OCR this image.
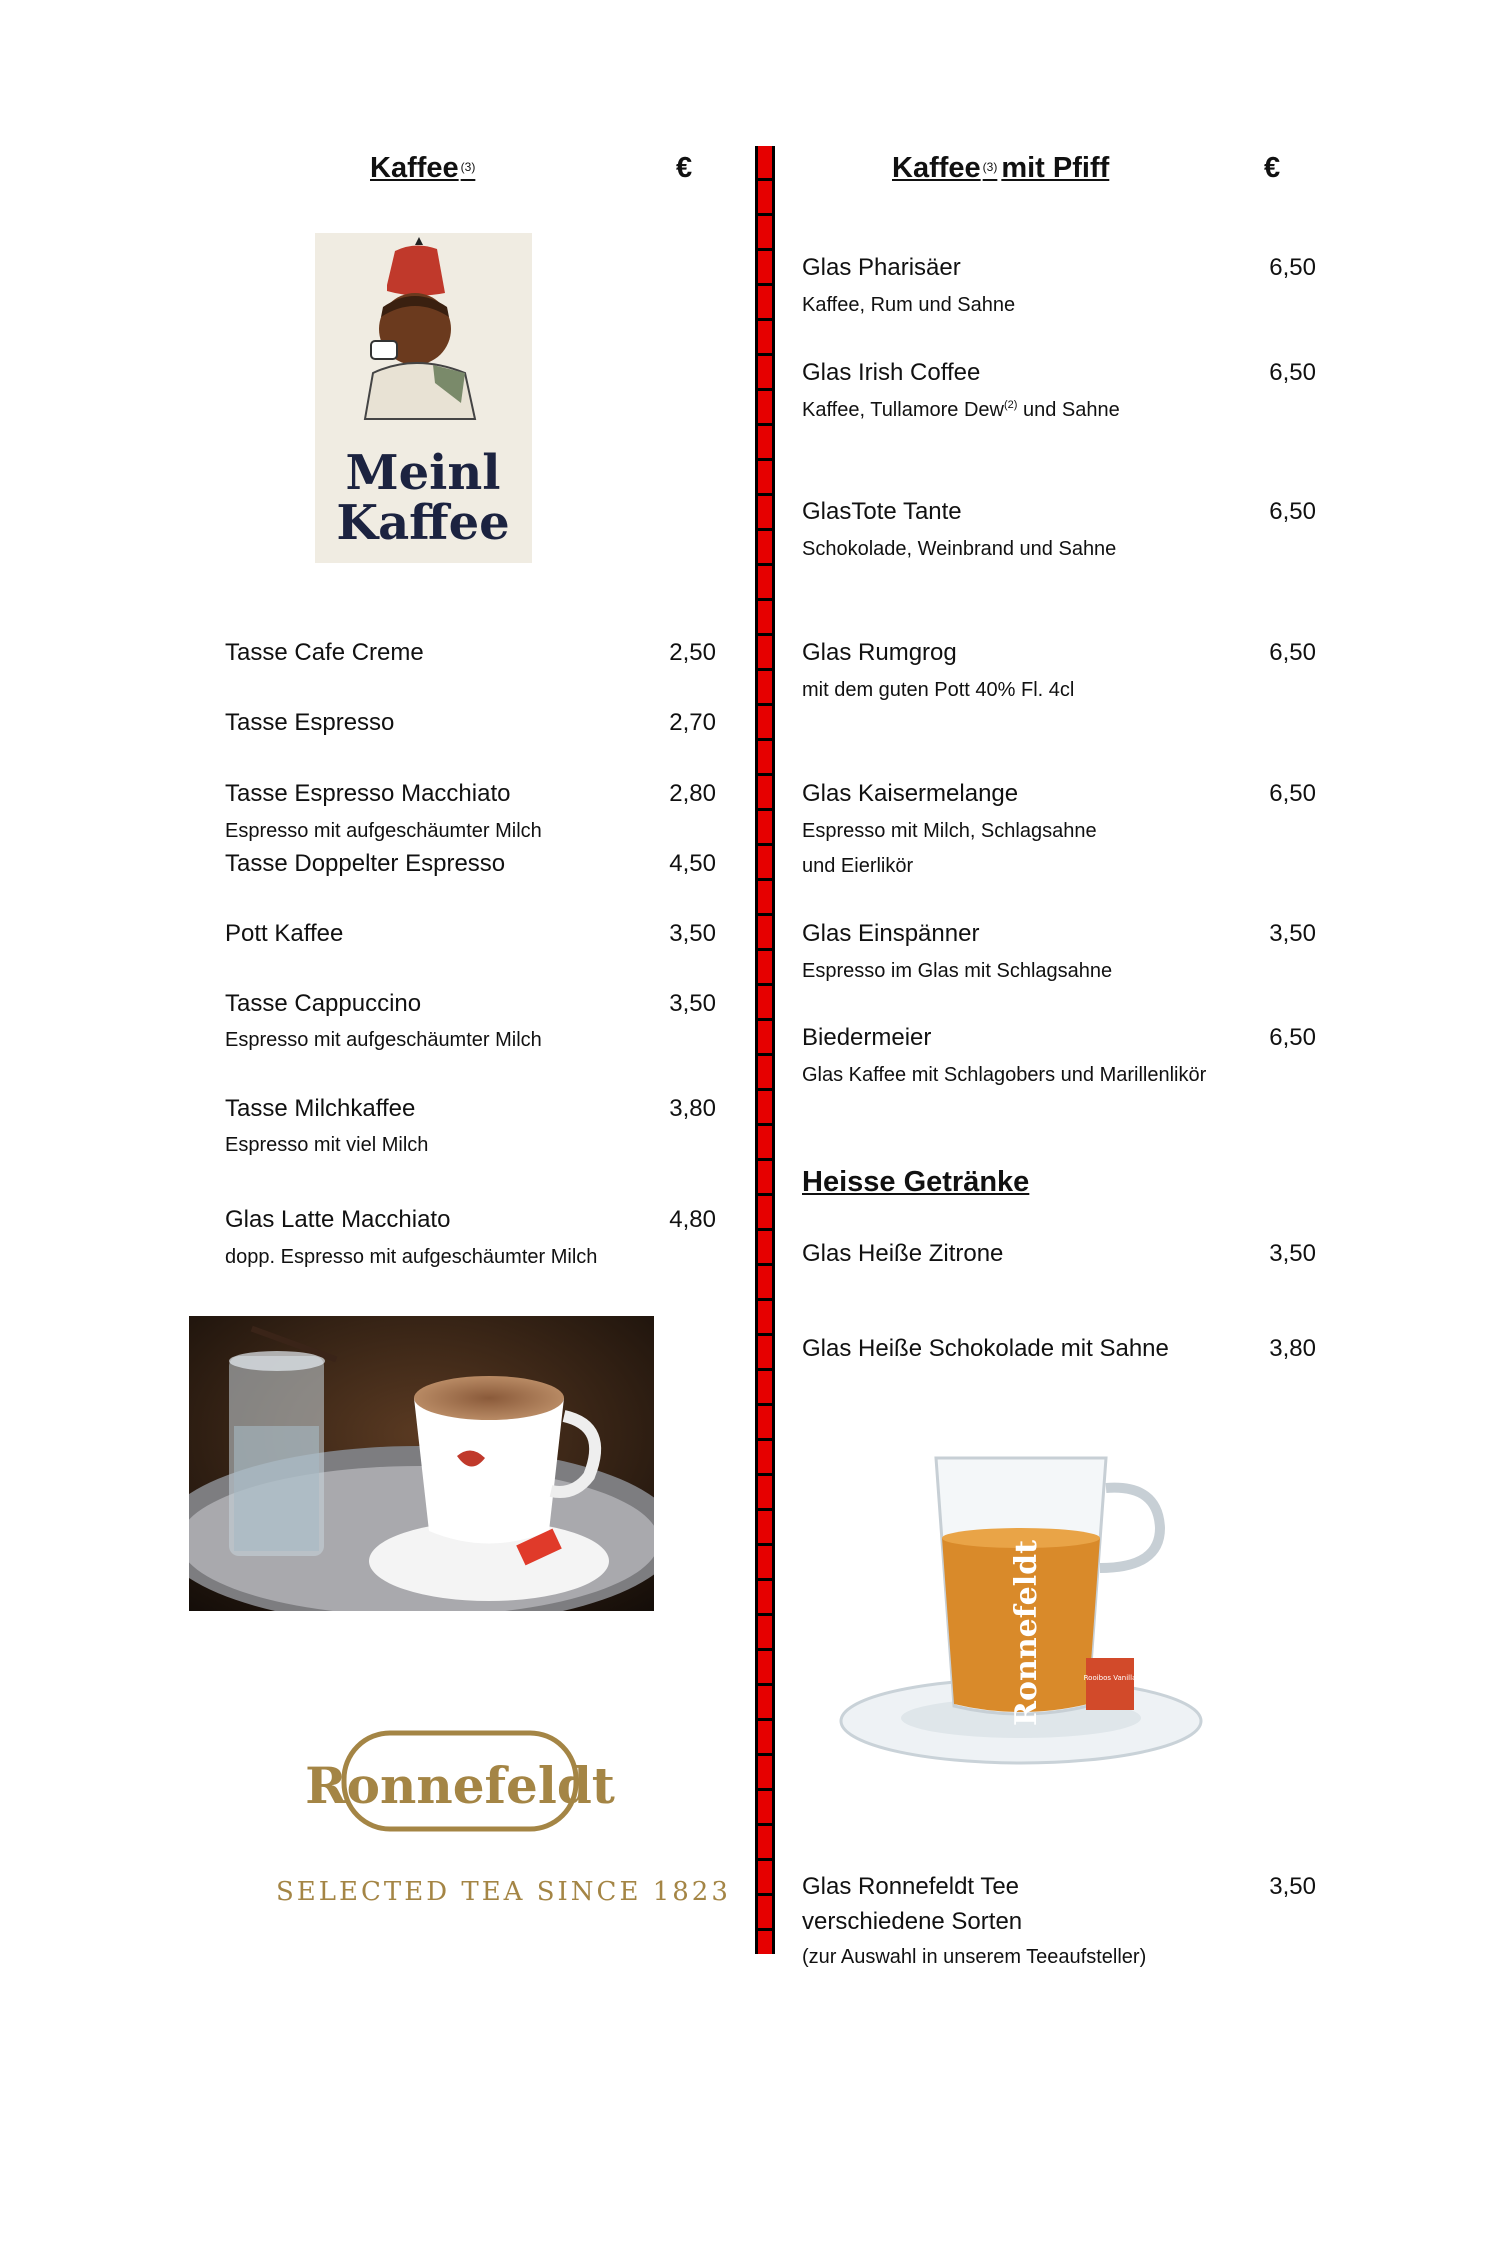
Kaffee $^{(3)}$	€
Meinl
Kaffee
Tasse Cafe Creme	2,50
Tasse Espresso	2,70
Tasse Espresso Macchiato	2,80
Espresso mit aufgeschäumter Milch
Tasse Doppelter Espresso	4,50
Pott Kaffee	3,50
Tasse Cappuccino	3,50
Espresso mit aufgeschäumter Milch
Tasse Milchkaffee	3,80
Espresso mit viel Milch
Glas Latte Macchiato	4,80
dopp. Espresso mit aufgeschäumter Milch
Ronnefeldt
SELECTED TEA SINCE 1823
Kaffee $^{(3)}$ mit Pfiff	€
Glas Pharisäer	6,50
Kaffee, Rum und Sahne
Glas Irish Coffee	6,50
Kaffee, Tullamore Dew$^{(2)}$ und Sahne
GlasTote Tante	6,50
Schokolade, Weinbrand und Sahne
Glas Rumgrog	6,50
mit dem guten Pott 40% Fl. 4cl
Glas Kaisermelange	6,50
Espresso mit Milch, Schlagsahne
und Eierlikör
Glas Einspänner	3,50
Espresso im Glas mit Schlagsahne
Biedermeier	6,50
Glas Kaffee mit Schlagobers und Marillenlikör
Heisse Getränke
Glas Heiße Zitrone	3,50
Glas Heiße Schokolade mit Sahne	3,80
Ronnefeldt	Rooibos Vanilla
Glas Ronnefeldt Tee	3,50
verschiedene Sorten
(zur Auswahl in unserem Teeaufsteller)
